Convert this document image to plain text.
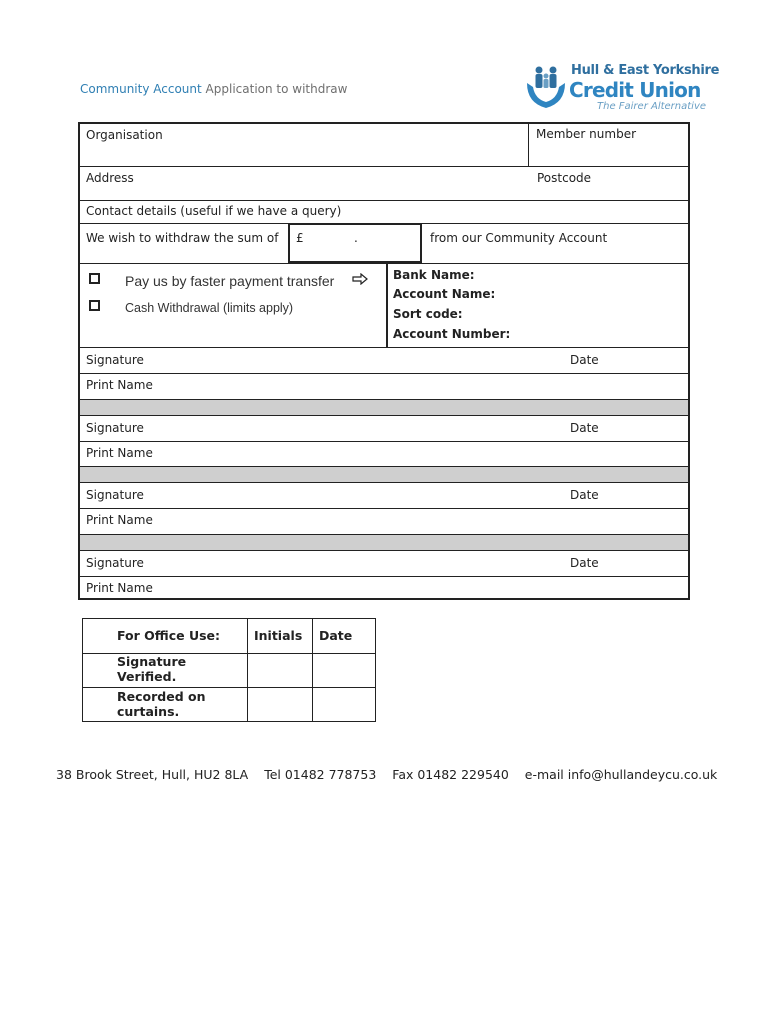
Community Account Application to withdraw
Hull & East Yorkshire
Credit Union
The Fairer Alternative
Organisation	Member number
Address	Postcode
Contact details (useful if we have a query)
We wish to withdraw the sum of	from our Community Account
£	.
Pay us by faster payment transfer
Cash Withdrawal (limits apply)
Bank Name:
Account Name:
Sort code:
Account Number:
Signature	Date
Print Name
Signature	Date
Print Name
Signature	Date
Print Name
Signature	Date
Print Name
For Office Use:	Initials Date
Signature Verified.
Recorded on curtains.
38 Brook Street, Hull, HU2 8LA Tel 01482 778753 Fax 01482 229540 e-mail info@hullandeycu.co.uk
